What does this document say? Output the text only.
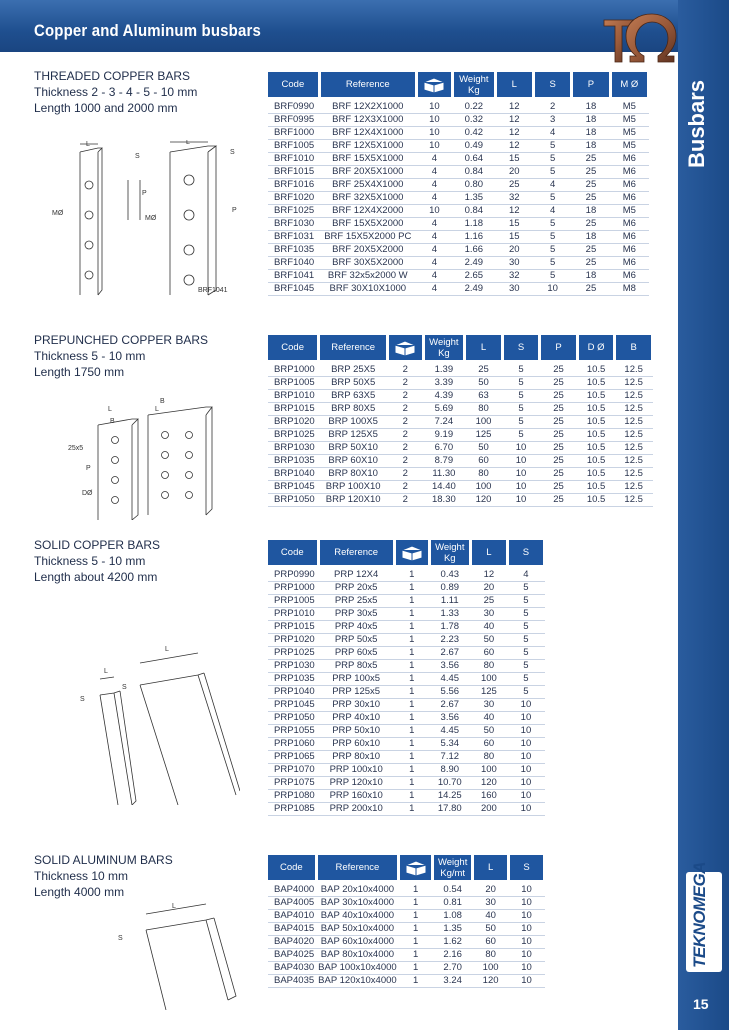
Copper and Aluminum busbars
Busbars
TEKNOMEGA
15
THREADED COPPER BARS
Thickness 2 - 3 - 4 - 5 - 10 mm
Length 1000 and 2000 mm
L	L
S
S
P
P
MØ
MØ
BRF1041
Code	Reference		Weight Kg	L	S	P	M Ø

BRF0990	BRF 12X2X1000	10	0.22	12	2	18	M5
BRF0995	BRF 12X3X1000	10	0.32	12	3	18	M5
BRF1000	BRF 12X4X1000	10	0.42	12	4	18	M5
BRF1005	BRF 12X5X1000	10	0.49	12	5	18	M5
BRF1010	BRF 15X5X1000	4	0.64	15	5	25	M6
BRF1015	BRF 20X5X1000	4	0.84	20	5	25	M6
BRF1016	BRF 25X4X1000	4	0.80	25	4	25	M6
BRF1020	BRF 32X5X1000	4	1.35	32	5	25	M6
BRF1025	BRF 12X4X2000	10	0.84	12	4	18	M5
BRF1030	BRF 15X5X2000	4	1.18	15	5	25	M6
BRF1031	BRF 15X5X2000 PC	4	1.16	15	5	18	M6
BRF1035	BRF 20X5X2000	4	1.66	20	5	25	M6
BRF1040	BRF 30X5X2000	4	2.49	30	5	25	M6
BRF1041	BRF 32x5x2000 W	4	2.65	32	5	18	M6
BRF1045	BRF 30X10X1000	4	2.49	30	10	25	M8
PREPUNCHED COPPER BARS
Thickness 5 - 10 mm
Length 1750 mm
L	L
B
B
25x5
P
DØ
Code	Reference		Weight Kg	L	S	P	D Ø	B

BRP1000	BRP 25X5	2	1.39	25	5	25	10.5	12.5
BRP1005	BRP 50X5	2	3.39	50	5	25	10.5	12.5
BRP1010	BRP 63X5	2	4.39	63	5	25	10.5	12.5
BRP1015	BRP 80X5	2	5.69	80	5	25	10.5	12.5
BRP1020	BRP 100X5	2	7.24	100	5	25	10.5	12.5
BRP1025	BRP 125X5	2	9.19	125	5	25	10.5	12.5
BRP1030	BRP 50X10	2	6.70	50	10	25	10.5	12.5
BRP1035	BRP 60X10	2	8.79	60	10	25	10.5	12.5
BRP1040	BRP 80X10	2	11.30	80	10	25	10.5	12.5
BRP1045	BRP 100X10	2	14.40	100	10	25	10.5	12.5
BRP1050	BRP 120X10	2	18.30	120	10	25	10.5	12.5
SOLID COPPER BARS
Thickness 5 - 10 mm
Length about 4200 mm
L
L
S
S
Code	Reference		Weight Kg	L	S

PRP0990	PRP 12X4	1	0.43	12	4
PRP1000	PRP 20x5	1	0.89	20	5
PRP1005	PRP 25x5	1	1.11	25	5
PRP1010	PRP 30x5	1	1.33	30	5
PRP1015	PRP 40x5	1	1.78	40	5
PRP1020	PRP 50x5	1	2.23	50	5
PRP1025	PRP 60x5	1	2.67	60	5
PRP1030	PRP 80x5	1	3.56	80	5
PRP1035	PRP 100x5	1	4.45	100	5
PRP1040	PRP 125x5	1	5.56	125	5
PRP1045	PRP 30x10	1	2.67	30	10
PRP1050	PRP 40x10	1	3.56	40	10
PRP1055	PRP 50x10	1	4.45	50	10
PRP1060	PRP 60x10	1	5.34	60	10
PRP1065	PRP 80x10	1	7.12	80	10
PRP1070	PRP 100x10	1	8.90	100	10
PRP1075	PRP 120x10	1	10.70	120	10
PRP1080	PRP 160x10	1	14.25	160	10
PRP1085	PRP 200x10	1	17.80	200	10
SOLID ALUMINUM BARS
Thickness 10 mm
Length 4000 mm
L
S
Code	Reference		Weight Kg/mt	L	S

BAP4000	BAP 20x10x4000	1	0.54	20	10
BAP4005	BAP 30x10x4000	1	0.81	30	10
BAP4010	BAP 40x10x4000	1	1.08	40	10
BAP4015	BAP 50x10x4000	1	1.35	50	10
BAP4020	BAP 60x10x4000	1	1.62	60	10
BAP4025	BAP 80x10x4000	1	2.16	80	10
BAP4030	BAP 100x10x4000	1	2.70	100	10
BAP4035	BAP 120x10x4000	1	3.24	120	10
